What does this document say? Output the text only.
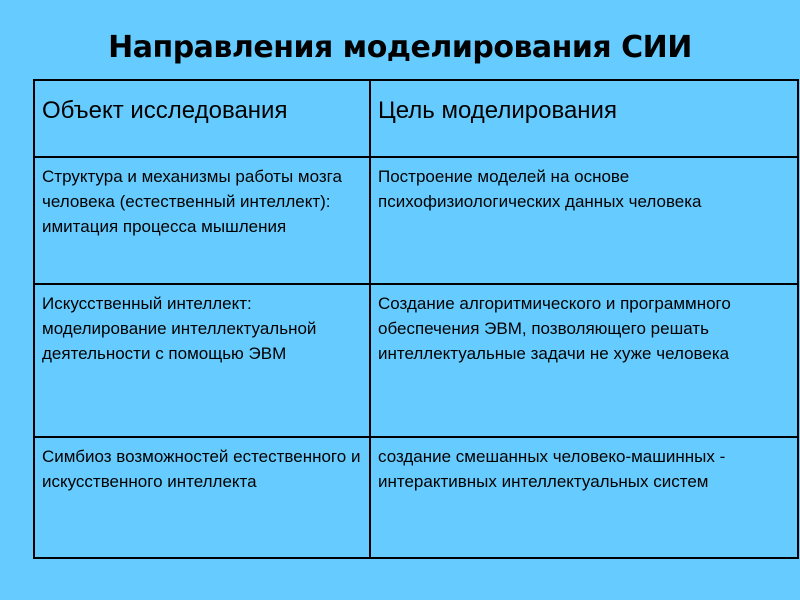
Направления моделирования СИИ
Объект исследования	Цель моделирования
Структура и механизмы работы мозга человека (естественный интеллект): имитация процесса мышления	Построение моделей на основе психофизиологических данных человека
Искусственный интеллект: моделирование интеллектуальной деятельности с помощью ЭВМ	Создание алгоритмического и программного обеспечения ЭВМ, позволяющего решать интеллектуальные задачи не хуже человека
Симбиоз возможностей естественного и искусственного интеллекта	создание смешанных человеко-машинных - интерактивных интеллектуальных систем
